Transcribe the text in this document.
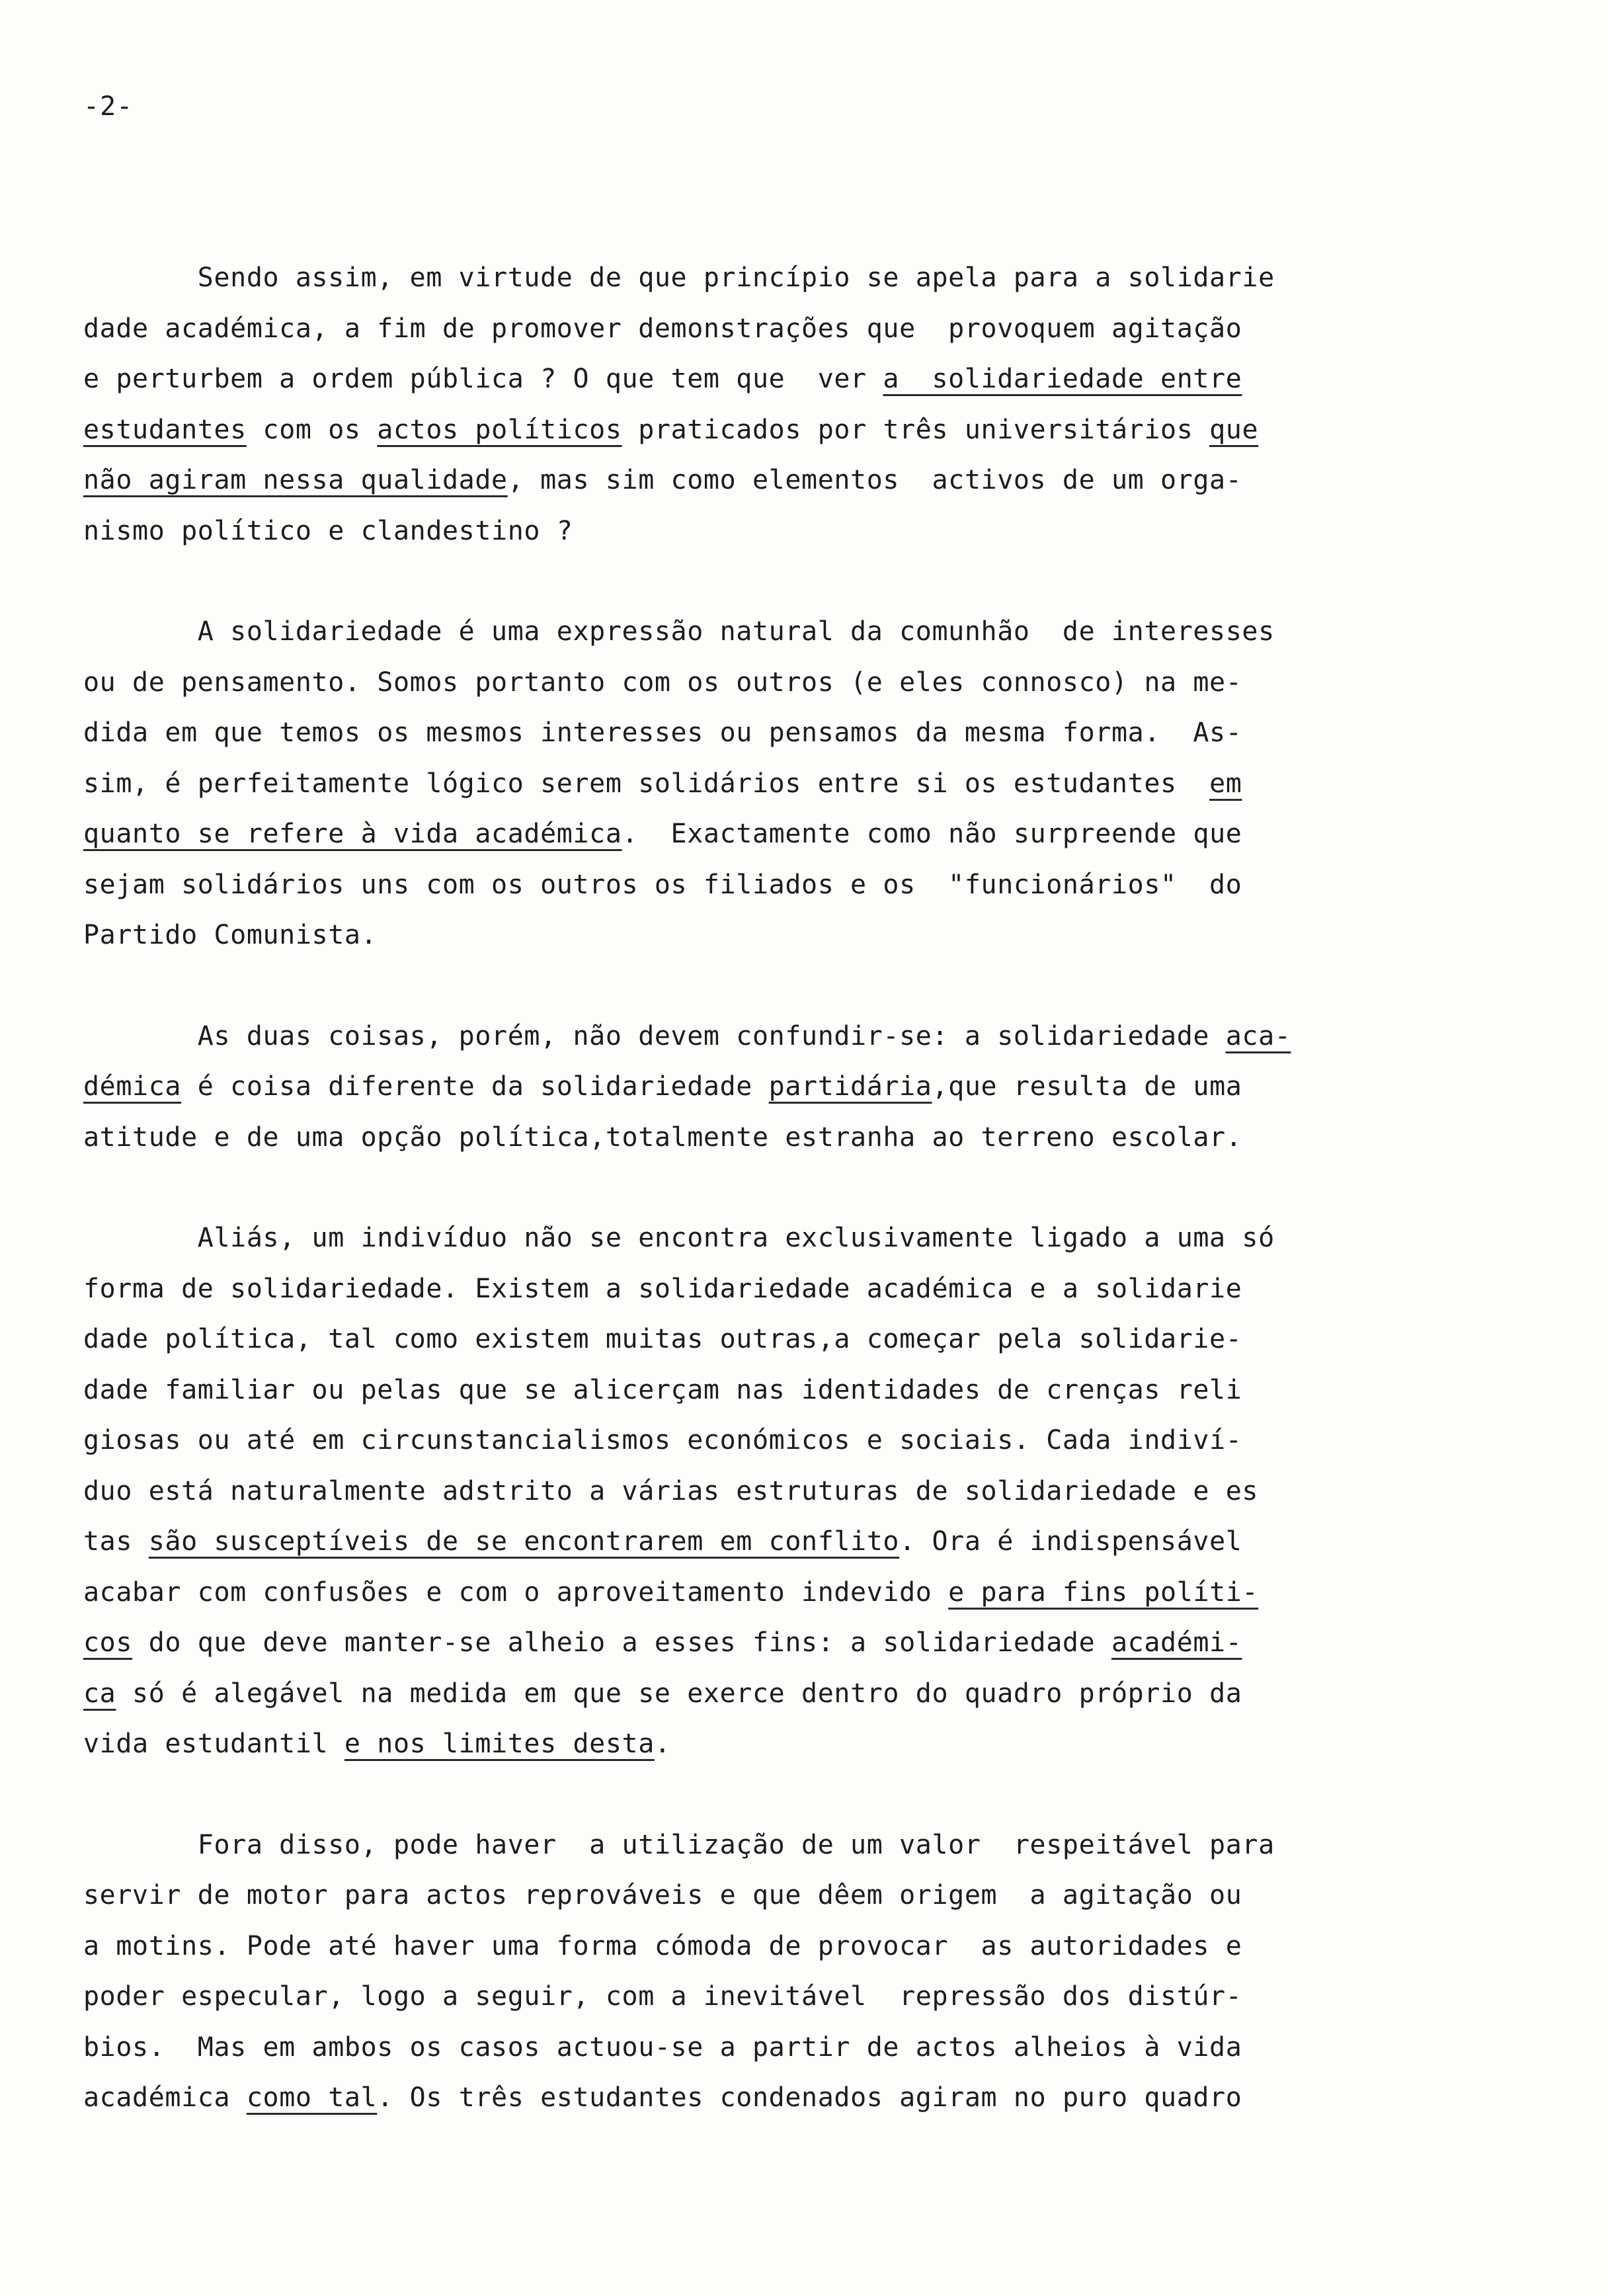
-2-
Sendo assim, em virtude de que princípio se apela para a solidarie
dade académica, a fim de promover demonstrações que  provoquem agitação
e perturbem a ordem pública ? O que tem que  ver a  solidariedade entre
estudantes com os actos políticos praticados por três universitários que
não agiram nessa qualidade, mas sim como elementos  activos de um orga-
nismo político e clandestino ?
A solidariedade é uma expressão natural da comunhão  de interesses
ou de pensamento. Somos portanto com os outros (e eles connosco) na me-
dida em que temos os mesmos interesses ou pensamos da mesma forma.  As-
sim, é perfeitamente lógico serem solidários entre si os estudantes  em
quanto se refere à vida académica.  Exactamente como não surpreende que
sejam solidários uns com os outros os filiados e os  "funcionários"  do
Partido Comunista.
As duas coisas, porém, não devem confundir-se: a solidariedade aca-
démica é coisa diferente da solidariedade partidária,que resulta de uma
atitude e de uma opção política,totalmente estranha ao terreno escolar.
Aliás, um indivíduo não se encontra exclusivamente ligado a uma só
forma de solidariedade. Existem a solidariedade académica e a solidarie
dade política, tal como existem muitas outras,a começar pela solidarie-
dade familiar ou pelas que se alicerçam nas identidades de crenças reli
giosas ou até em circunstancialismos económicos e sociais. Cada indiví-
duo está naturalmente adstrito a várias estruturas de solidariedade e es
tas são susceptíveis de se encontrarem em conflito. Ora é indispensável
acabar com confusões e com o aproveitamento indevido e para fins políti-
cos do que deve manter-se alheio a esses fins: a solidariedade académi-
ca só é alegável na medida em que se exerce dentro do quadro próprio da
vida estudantil e nos limites desta.
Fora disso, pode haver  a utilização de um valor  respeitável para
servir de motor para actos reprováveis e que dêem origem  a agitação ou
a motins. Pode até haver uma forma cómoda de provocar  as autoridades e
poder especular, logo a seguir, com a inevitável  repressão dos distúr-
bios.  Mas em ambos os casos actuou-se a partir de actos alheios à vida
académica como tal. Os três estudantes condenados agiram no puro quadro
